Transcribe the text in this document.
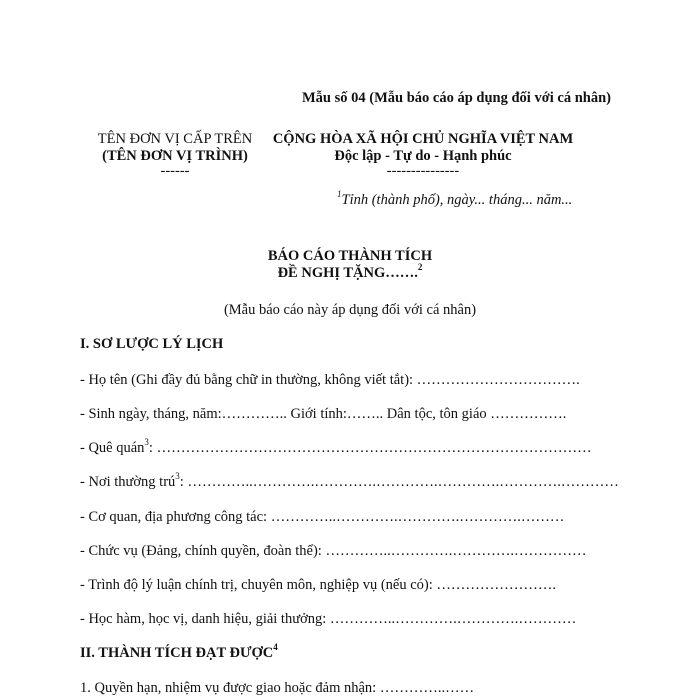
Mẫu số 04 (Mẫu báo cáo áp dụng đối với cá nhân)
TÊN ĐƠN VỊ CẤP TRÊN
(TÊN ĐƠN VỊ TRÌNH)
------
CỘNG HÒA XÃ HỘI CHỦ NGHĨA VIỆT NAM
Độc lập - Tự do - Hạnh phúc
---------------
$^1$Tỉnh (thành phố), ngày... tháng... năm...
BÁO CÁO THÀNH TÍCH
ĐỀ NGHỊ TẶNG…….$^2$
(Mẫu báo cáo này áp dụng đối với cá nhân)
I. SƠ LƯỢC LÝ LỊCH
- Họ tên (Ghi đầy đủ bằng chữ in thường, không viết tắt): …………………………….
- Sinh ngày, tháng, năm:………….. Giới tính:…….. Dân tộc, tôn giáo …………….
- Quê quán$^3$: ………………………………………………………………………………
- Nơi thường trú$^3$: …………..………….………….………….………….………….…………
- Cơ quan, địa phương công tác: …………..………….………….………….………
- Chức vụ (Đảng, chính quyền, đoàn thể): …………..………….………….……………
- Trình độ lý luận chính trị, chuyên môn, nghiệp vụ (nếu có): …………………….
- Học hàm, học vị, danh hiệu, giải thưởng: …………..………….………….…………
II. THÀNH TÍCH ĐẠT ĐƯỢC$^4$
1. Quyền hạn, nhiệm vụ được giao hoặc đảm nhận: …………..……
